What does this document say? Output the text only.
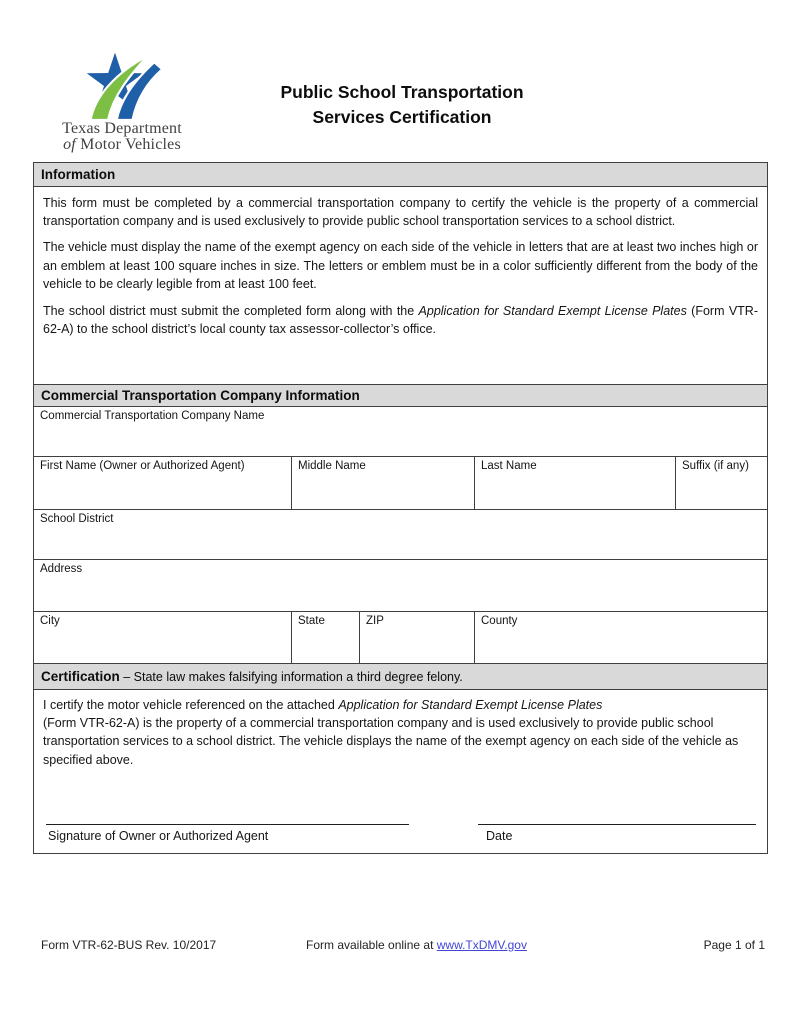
Texas Department
of Motor Vehicles
Public School Transportation
Services Certification
Information

This form must be completed by a commercial transportation company to certify the vehicle is the property of a commercial transportation company and is used exclusively to provide public school transportation services to a school district.

The vehicle must display the name of the exempt agency on each side of the vehicle in letters that are at least two inches high or an emblem at least 100 square inches in size. The letters or emblem must be in a color sufficiently different from the body of the vehicle to be clearly legible from at least 100 feet.

The school district must submit the completed form along with the Application for Standard Exempt License Plates (Form VTR-62-A) to the school district’s local county tax assessor-collector’s office.

Commercial Transportation Company Information
Commercial Transportation Company Name
First Name (Owner or Authorized Agent)	Middle Name	Last Name	Suffix (if any)
School District
Address
City	State	ZIP	County
Certification – State law makes falsifying information a third degree felony.

I certify the motor vehicle referenced on the attached Application for Standard Exempt License Plates
(Form VTR-62-A) is the property of a commercial transportation company and is used exclusively to provide public school transportation services to a school district. The vehicle displays the name of the exempt agency on each side of the vehicle as specified above.

Signature of Owner or Authorized Agent	Date
Form VTR-62-BUS Rev. 10/2017	Form available online at www.TxDMV.gov	Page 1 of 1
